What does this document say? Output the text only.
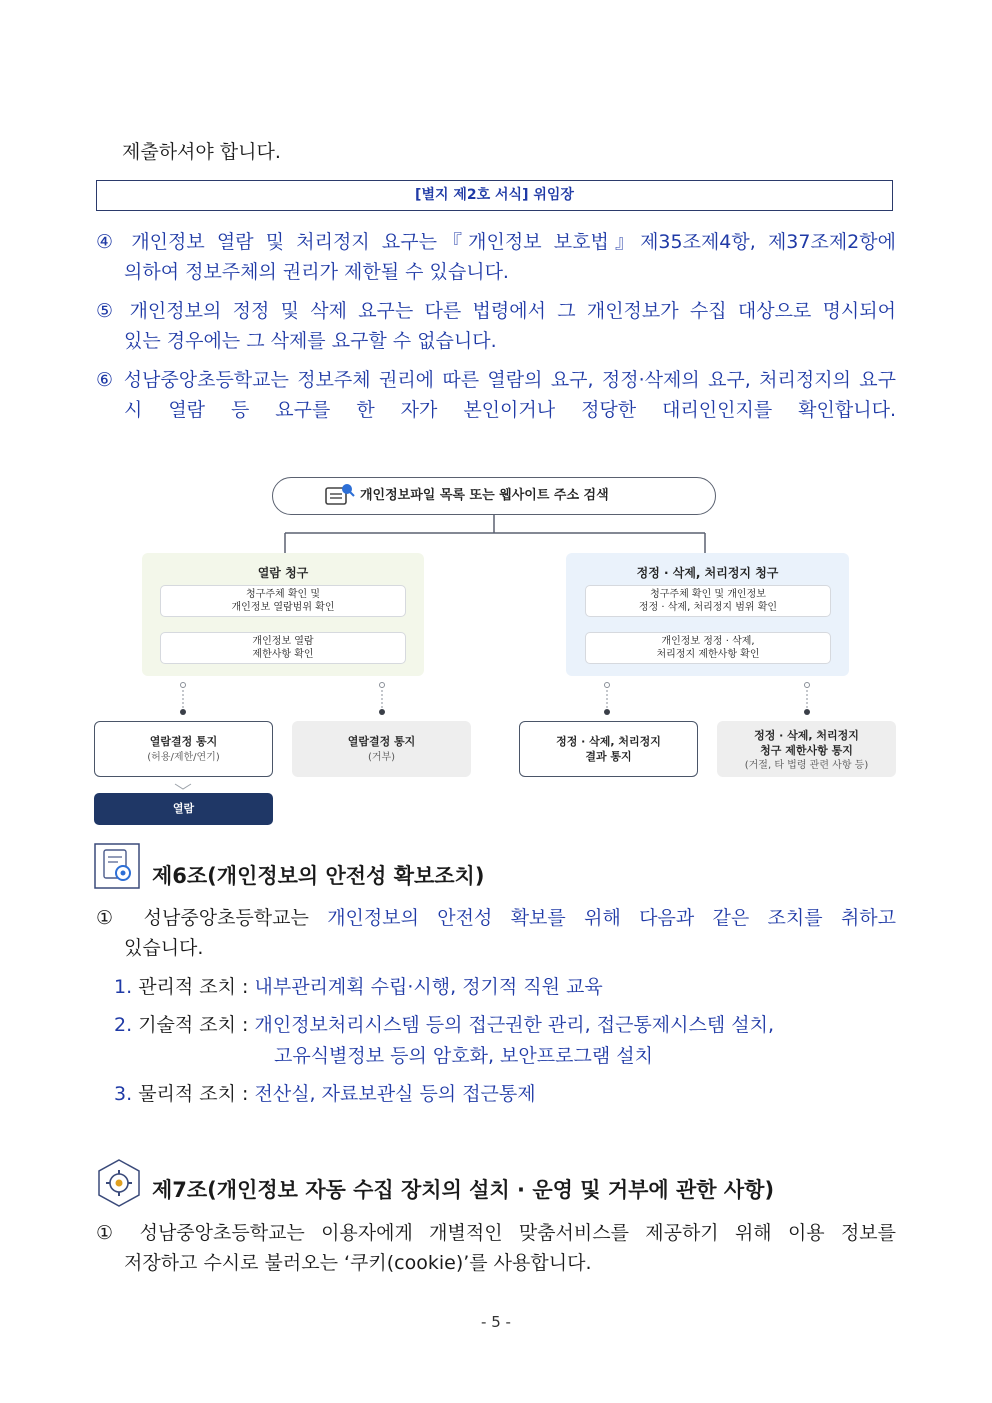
제출하셔야 합니다.
[별지 제2호 서식] 위임장
④ 개인정보 열람 및 처리정지 요구는『개인정보 보호법』제35조제4항, 제37조제2항에
의하여 정보주체의 권리가 제한될 수 있습니다.
⑤ 개인정보의 정정 및 삭제 요구는 다른 법령에서 그 개인정보가 수집 대상으로 명시되어
있는 경우에는 그 삭제를 요구할 수 없습니다.
⑥ 성남중앙초등학교는 정보주체 권리에 따른 열람의 요구, 정정·삭제의 요구, 처리정지의 요구
시 열람 등 요구를 한 자가 본인이거나 정당한 대리인인지를 확인합니다.
개인정보파일 목록 또는 웹사이트 주소 검색
열람 청구
청구주체 확인 및
개인정보 열람범위 확인
개인정보 열람
제한사항 확인
정정 · 삭제, 처리정지 청구
청구주체 확인 및 개인정보
정정 · 삭제, 처리정지 범위 확인
개인정보 정정 · 삭제,
처리정지 제한사항 확인
열람결정 통지
(허용/제한/연기)
열람결정 통지
(거부)
정정 · 삭제, 처리정지
결과 통지
정정 · 삭제, 처리정지
청구 제한사항 통지
(거절, 타 법령 관련 사항 등)
열람
제6조(개인정보의 안전성 확보조치)
① 성남중앙초등학교는 개인정보의 안전성 확보를 위해 다음과 같은 조치를 취하고
있습니다.
1. 관리적 조치 : 내부관리계획 수립·시행, 정기적 직원 교육
2. 기술적 조치 : 개인정보처리시스템 등의 접근권한 관리, 접근통제시스템 설치,
고유식별정보 등의 암호화, 보안프로그램 설치
3. 물리적 조치 : 전산실, 자료보관실 등의 접근통제
제7조(개인정보 자동 수집 장치의 설치 · 운영 및 거부에 관한 사항)
① 성남중앙초등학교는 이용자에게 개별적인 맞춤서비스를 제공하기 위해 이용 정보를
저장하고 수시로 불러오는 ‘쿠키(cookie)’를 사용합니다.
- 5 -
